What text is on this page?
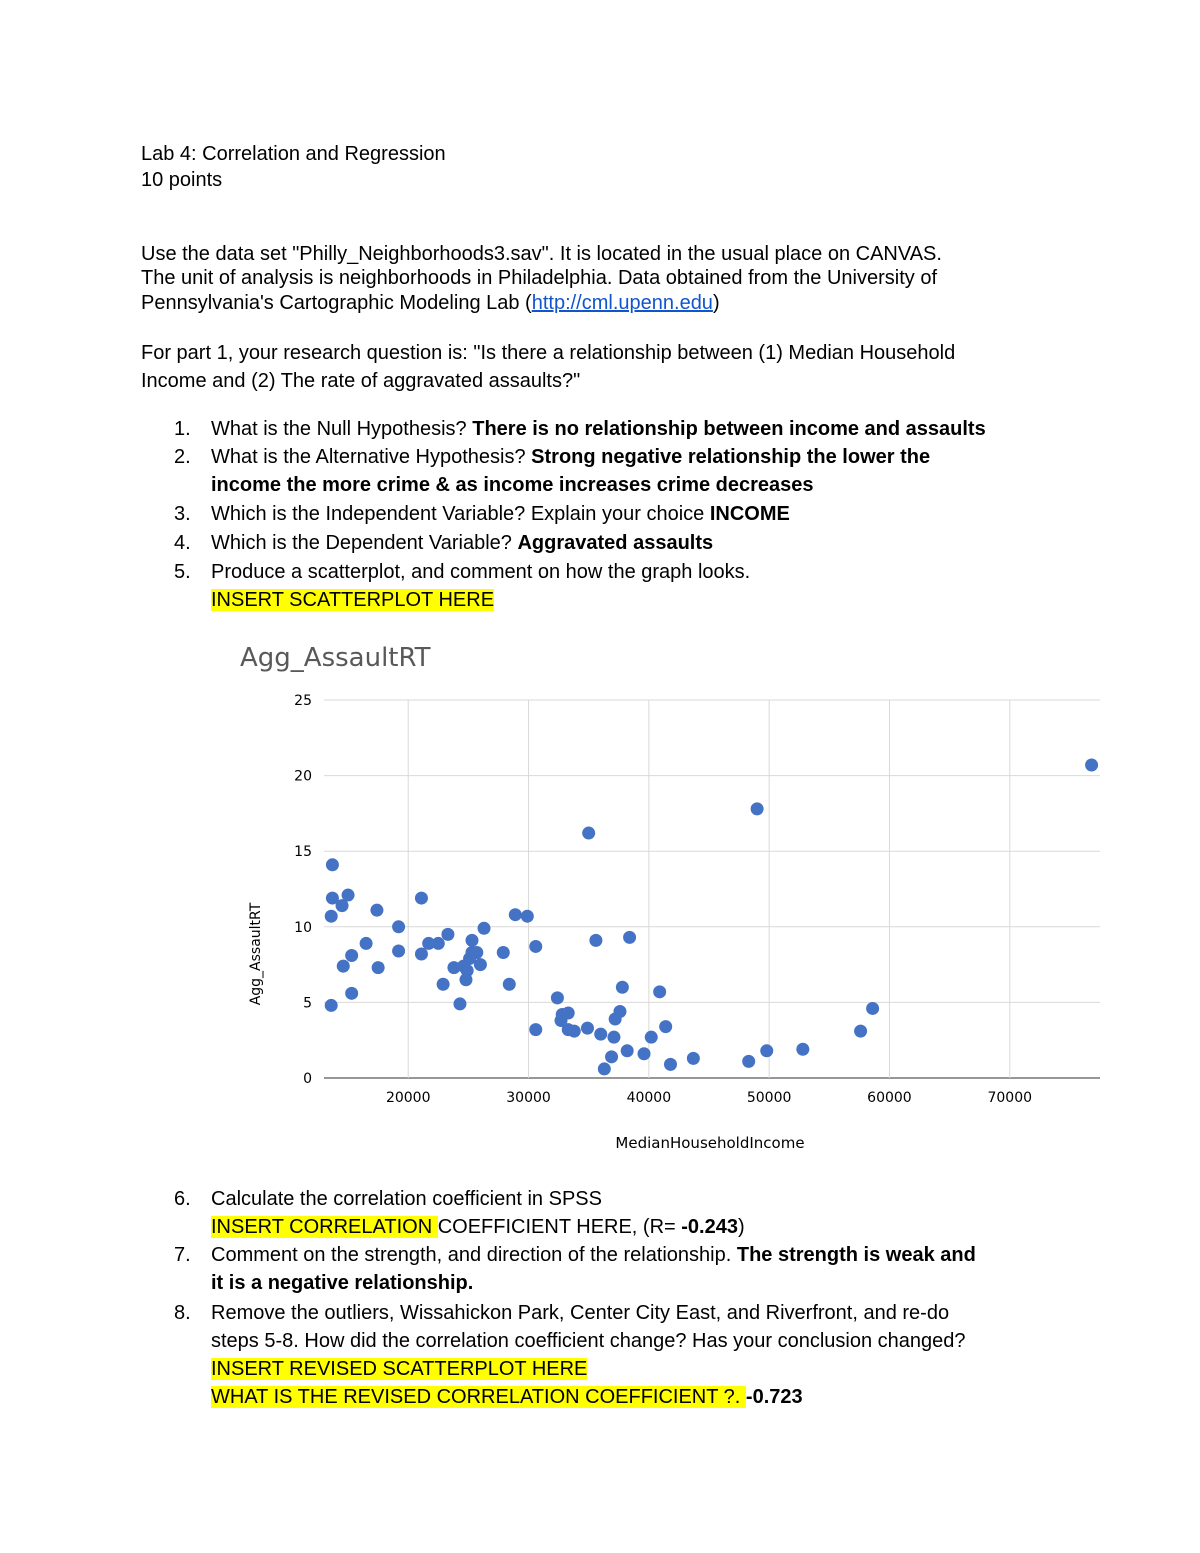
Lab 4: Correlation and Regression
10 points
Use the data set "Philly_Neighborhoods3.sav". It is located in the usual place on CANVAS.
The unit of analysis is neighborhoods in Philadelphia. Data obtained from the University of
Pennsylvania's Cartographic Modeling Lab (http://cml.upenn.edu)
For part 1, your research question is: "Is there a relationship between (1) Median Household
Income and (2) The rate of aggravated assaults?"
1. What is the Null Hypothesis? There is no relationship between income and assaults
2. What is the Alternative Hypothesis? Strong negative relationship the lower the
income the more crime & as income increases crime decreases
3. Which is the Independent Variable? Explain your choice INCOME
4. Which is the Dependent Variable? Aggravated assaults
5. Produce a scatterplot, and comment on how the graph looks.
INSERT SCATTERPLOT HERE
Agg_AssaultRT
0
5
10
15
20
25
20000	30000	40000	50000	60000	70000
Agg_AssaultRT
MedianHouseholdIncome
6. Calculate the correlation coefficient in SPSS
INSERT CORRELATION COEFFICIENT HERE, (R= -0.243)
7. Comment on the strength, and direction of the relationship. The strength is weak and
it is a negative relationship.
8. Remove the outliers, Wissahickon Park, Center City East, and Riverfront, and re-do
steps 5-8. How did the correlation coefficient change? Has your conclusion changed?
INSERT REVISED SCATTERPLOT HERE
WHAT IS THE REVISED CORRELATION COEFFICIENT ?. -0.723
